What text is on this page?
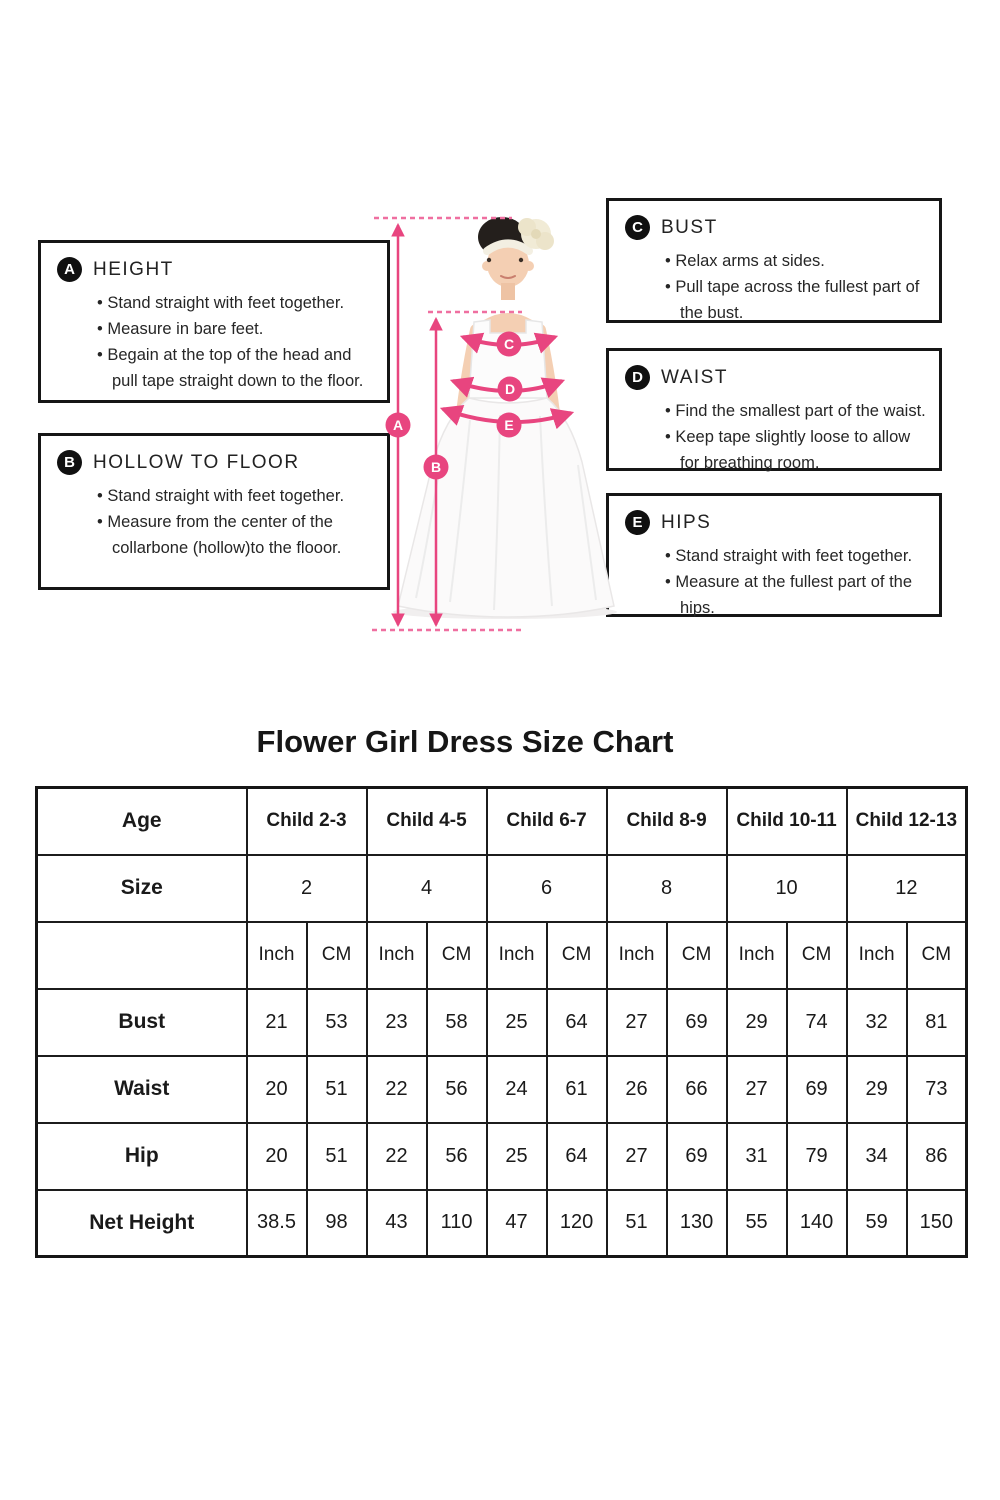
A HEIGHT
• Stand straight with feet together.
• Measure in bare feet.
• Begain at the top of the head and pull tape straight down to the floor.
B HOLLOW TO FLOOR
• Stand straight with feet together.
• Measure from the center of the collarbone (hollow)to the flooor.
C BUST
• Relax arms at sides.
• Pull tape across the fullest part of the bust.
D WAIST
• Find the smallest part of the waist.
• Keep tape slightly loose to allow for breathing room.
E HIPS
• Stand straight with feet together.
• Measure at the fullest part of the hips.
A
B
C
D
E
Flower Girl Dress Size Chart
Age	Child 2-3		Child 4-5		Child 6-7		Child 8-9		Child 10-11		Child 12-13	
Size	2		4		6		8		10		12	
	Inch	CM	Inch	CM	Inch	CM	Inch	CM	Inch	CM	Inch	CM
Bust	21	53	23	58	25	64	27	69	29	74	32	81
Waist	20	51	22	56	24	61	26	66	27	69	29	73
Hip	20	51	22	56	25	64	27	69	31	79	34	86
Net Height	38.5	98	43	110	47	120	51	130	55	140	59	150
